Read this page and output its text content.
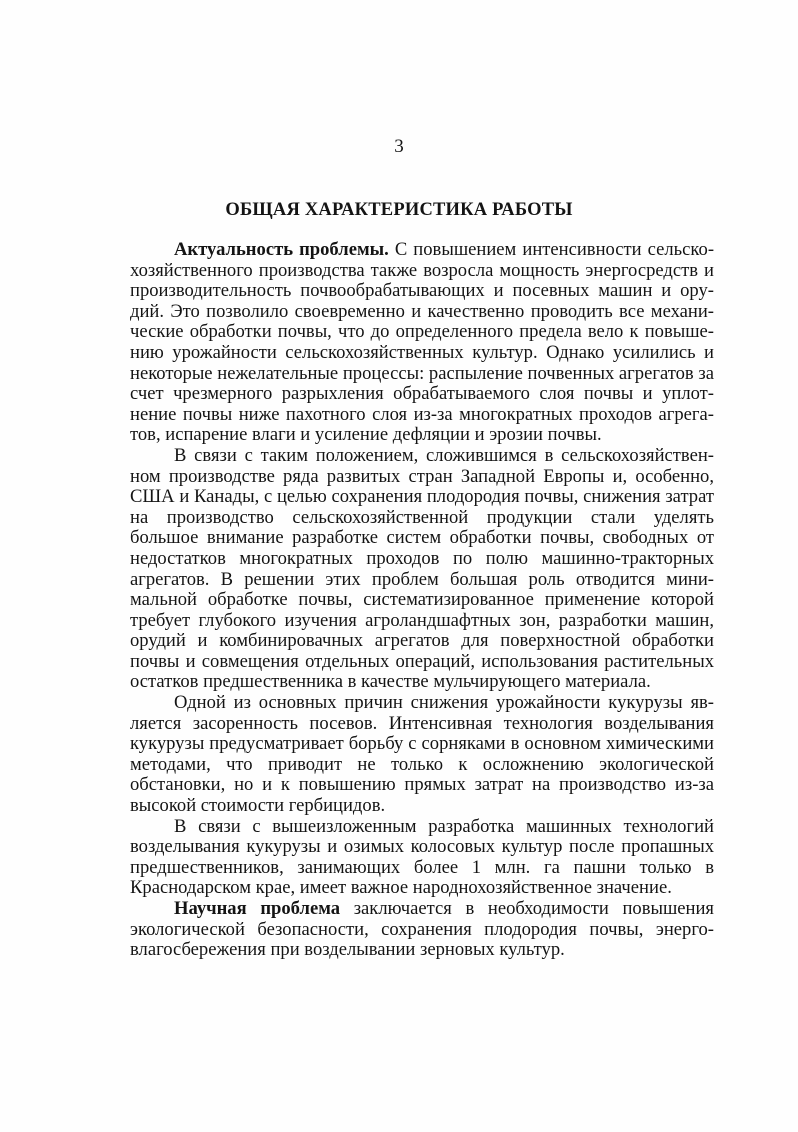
3
ОБЩАЯ ХАРАКТЕРИСТИКА РАБОТЫ

Актуальность проблемы. С повышением интенсивности сельскохозяйственного производства также возросла мощность энергосредств и производительность почвообрабатывающих и посевных машин и орудий. Это позволило своевременно и качественно проводить все механические обработки почвы, что до определенного предела вело к повышению урожайности сельскохозяйственных культур. Однако усилились и некоторые нежелательные процессы: распыление почвенных агрегатов за счет чрезмерного разрыхления обрабатываемого слоя почвы и уплотнение почвы ниже пахотного слоя из-за многократных проходов агрегатов, испарение влаги и усиление дефляции и эрозии почвы.

В связи с таким положением, сложившимся в сельскохозяйственном производстве ряда развитых стран Западной Европы и, особенно, США и Канады, с целью сохранения плодородия почвы, снижения затрат на производство сельскохозяйственной продукции стали уделять большое внимание разработке систем обработки почвы, свободных от недостатков многократных проходов по полю машинно-тракторных агрегатов. В решении этих проблем большая роль отводится минимальной обработке почвы, систематизированное применение которой требует глубокого изучения агроландшафтных зон, разработки машин, орудий и комбинировачных агрегатов для поверхностной обработки почвы и совмещения отдельных операций, использования растительных остатков предшественника в качестве мульчирующего материала.

Одной из основных причин снижения урожайности кукурузы является засоренность посевов. Интенсивная технология возделывания кукурузы предусматривает борьбу с сорняками в основном химическими методами, что приводит не только к осложнению экологической обстановки, но и к повышению прямых затрат на производство из-за высокой стоимости гербицидов.

В связи с вышеизложенным разработка машинных технологий возделывания кукурузы и озимых колосовых культур после пропашных предшественников, занимающих более 1 млн. га пашни только в Краснодарском крае, имеет важное народнохозяйственное значение.

Научная проблема заключается в необходимости повышения экологической безопасности, сохранения плодородия почвы, энерговлагосбережения при возделывании зерновых культур.
